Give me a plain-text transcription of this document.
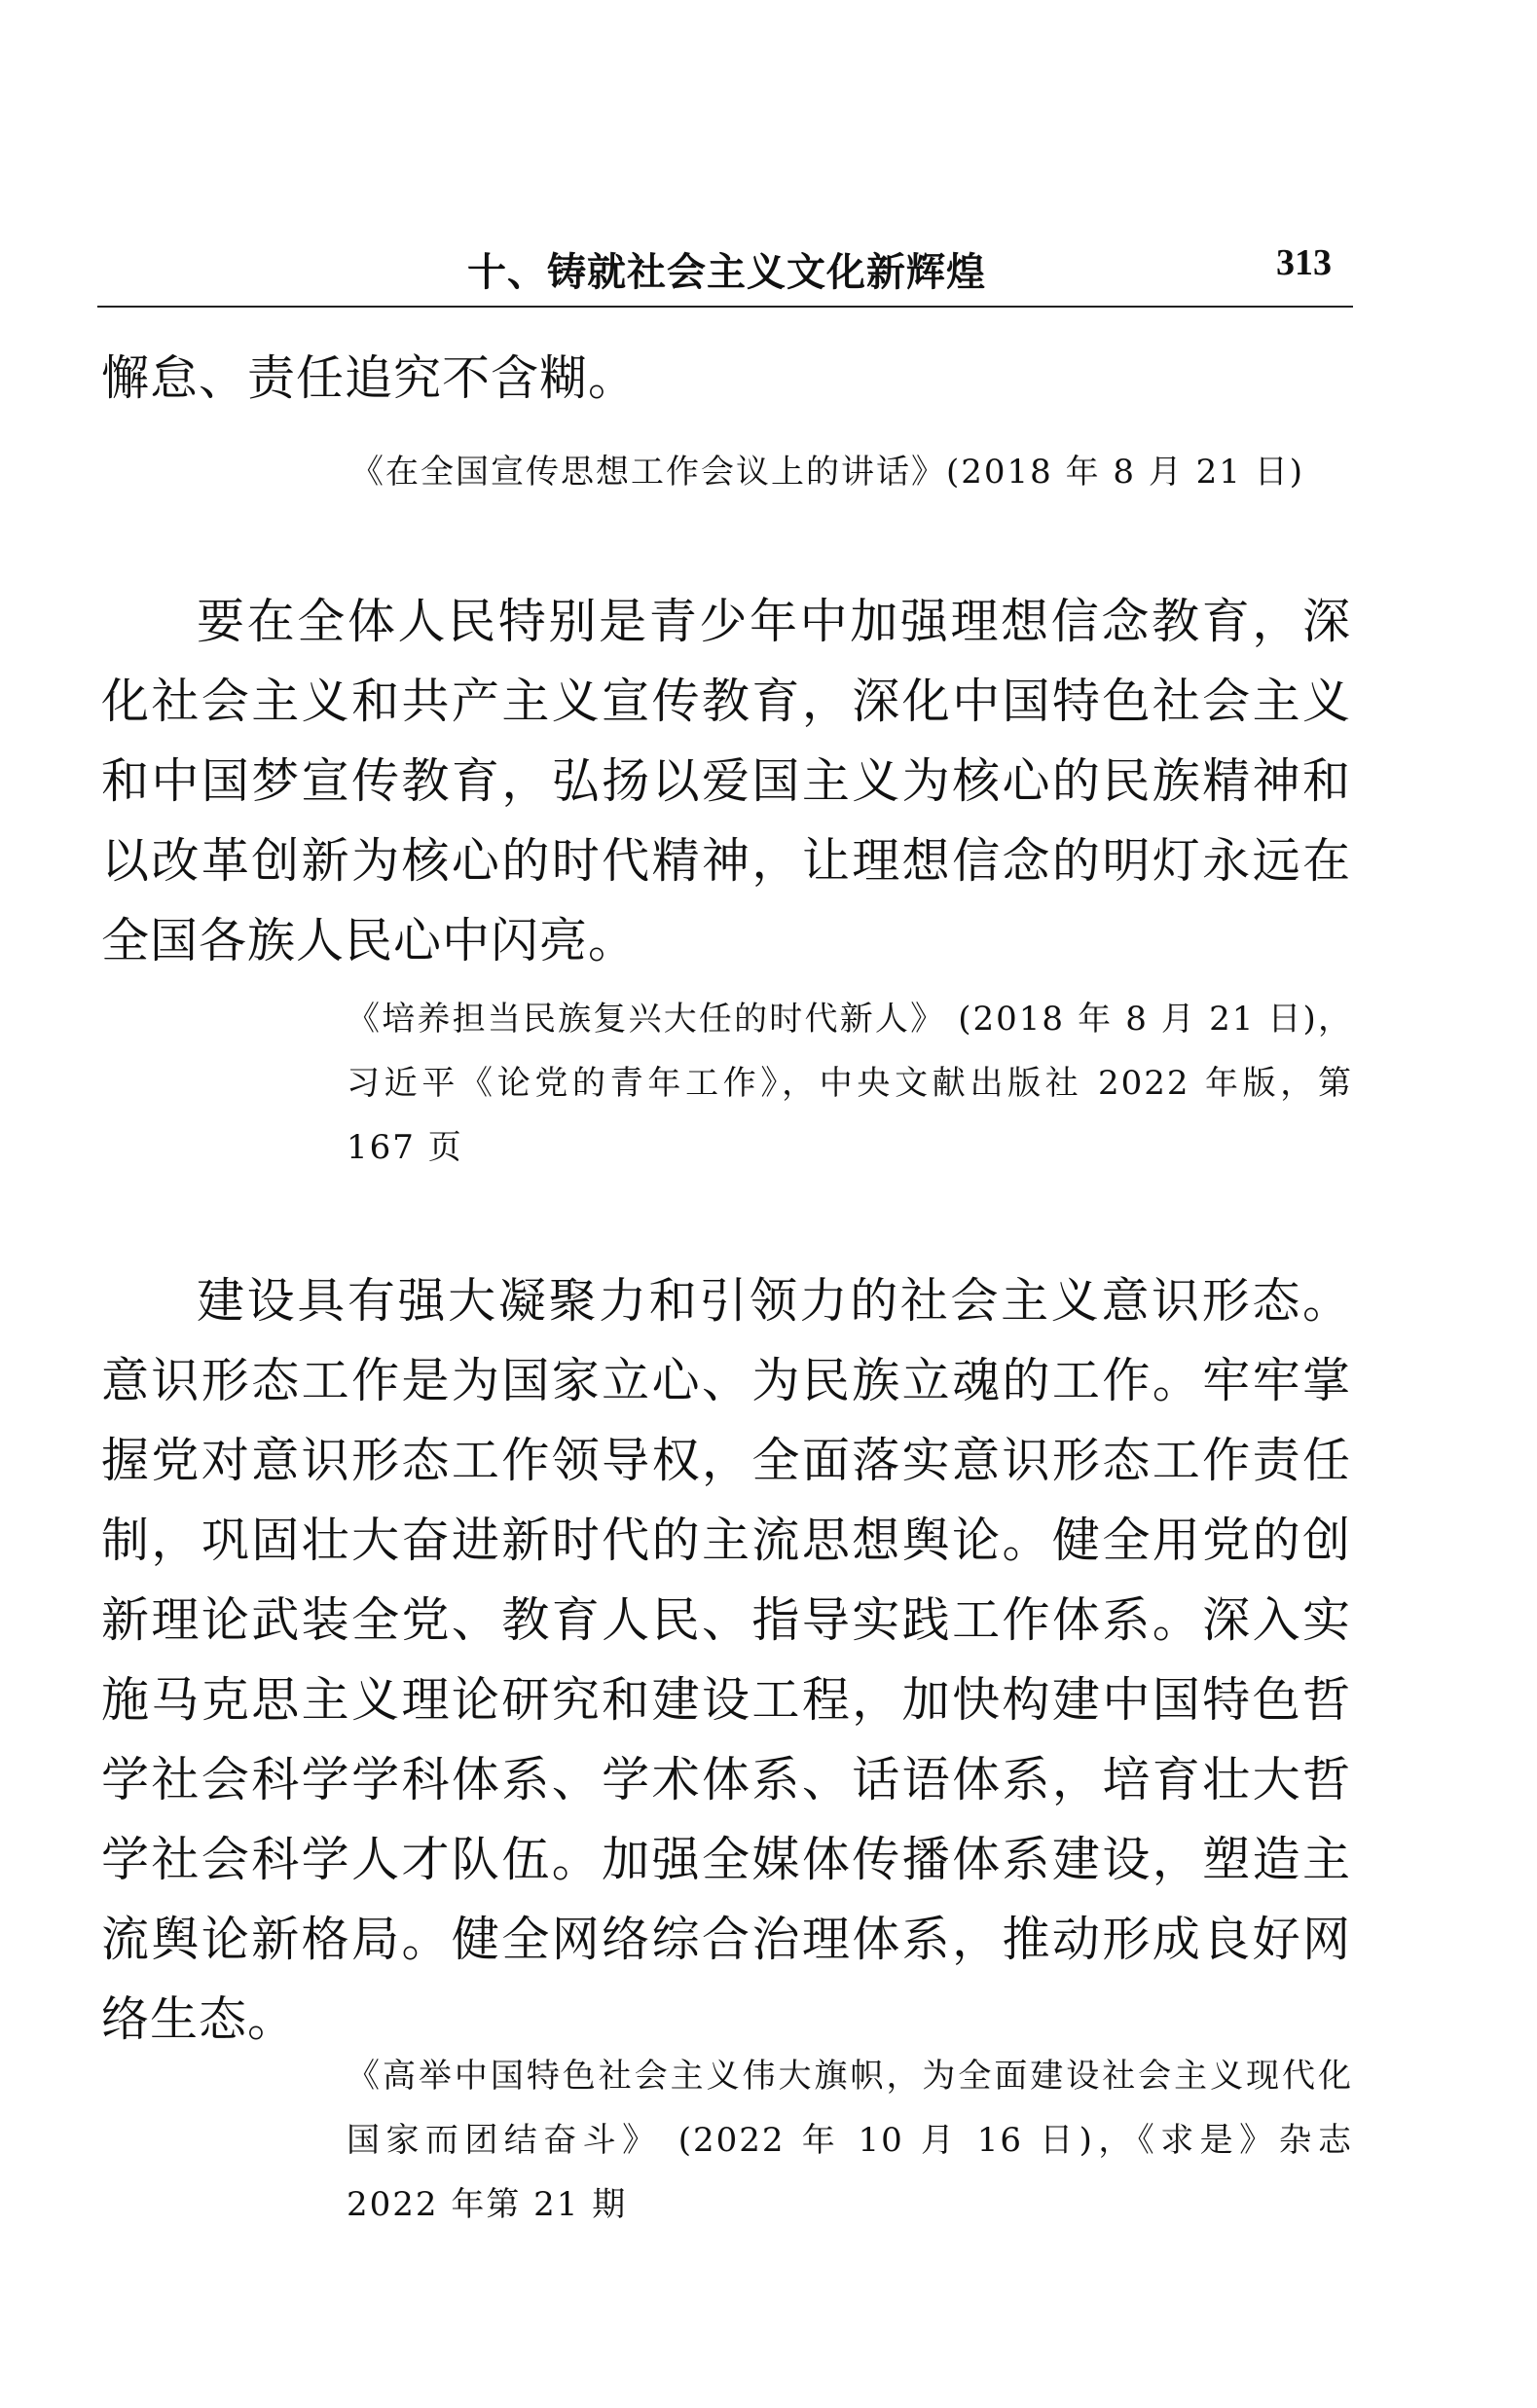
十、铸就社会主义文化新辉煌	313
懈怠、责任追究不含糊。
《在全国宣传思想工作会议上的讲话》(2018 年 8 月 21 日)
要在全体人民特别是青少年中加强理想信念教育，深化社会主义和共产主义宣传教育，深化中国特色社会主义和中国梦宣传教育，弘扬以爱国主义为核心的民族精神和以改革创新为核心的时代精神，让理想信念的明灯永远在全国各族人民心中闪亮。
《培养担当民族复兴大任的时代新人》 (2018 年 8 月 21 日)，习近平《论党的青年工作》，中央文献出版社 2022 年版，第 167 页
建设具有强大凝聚力和引领力的社会主义意识形态。意识形态工作是为国家立心、为民族立魂的工作。牢牢掌握党对意识形态工作领导权，全面落实意识形态工作责任制，巩固壮大奋进新时代的主流思想舆论。健全用党的创新理论武装全党、教育人民、指导实践工作体系。深入实施马克思主义理论研究和建设工程，加快构建中国特色哲学社会科学学科体系、学术体系、话语体系，培育壮大哲学社会科学人才队伍。加强全媒体传播体系建设，塑造主流舆论新格局。健全网络综合治理体系，推动形成良好网络生态。
《高举中国特色社会主义伟大旗帜，为全面建设社会主义现代化国家而团结奋斗》 (2022 年 10 月 16 日)，《求是》杂志 2022 年第 21 期
